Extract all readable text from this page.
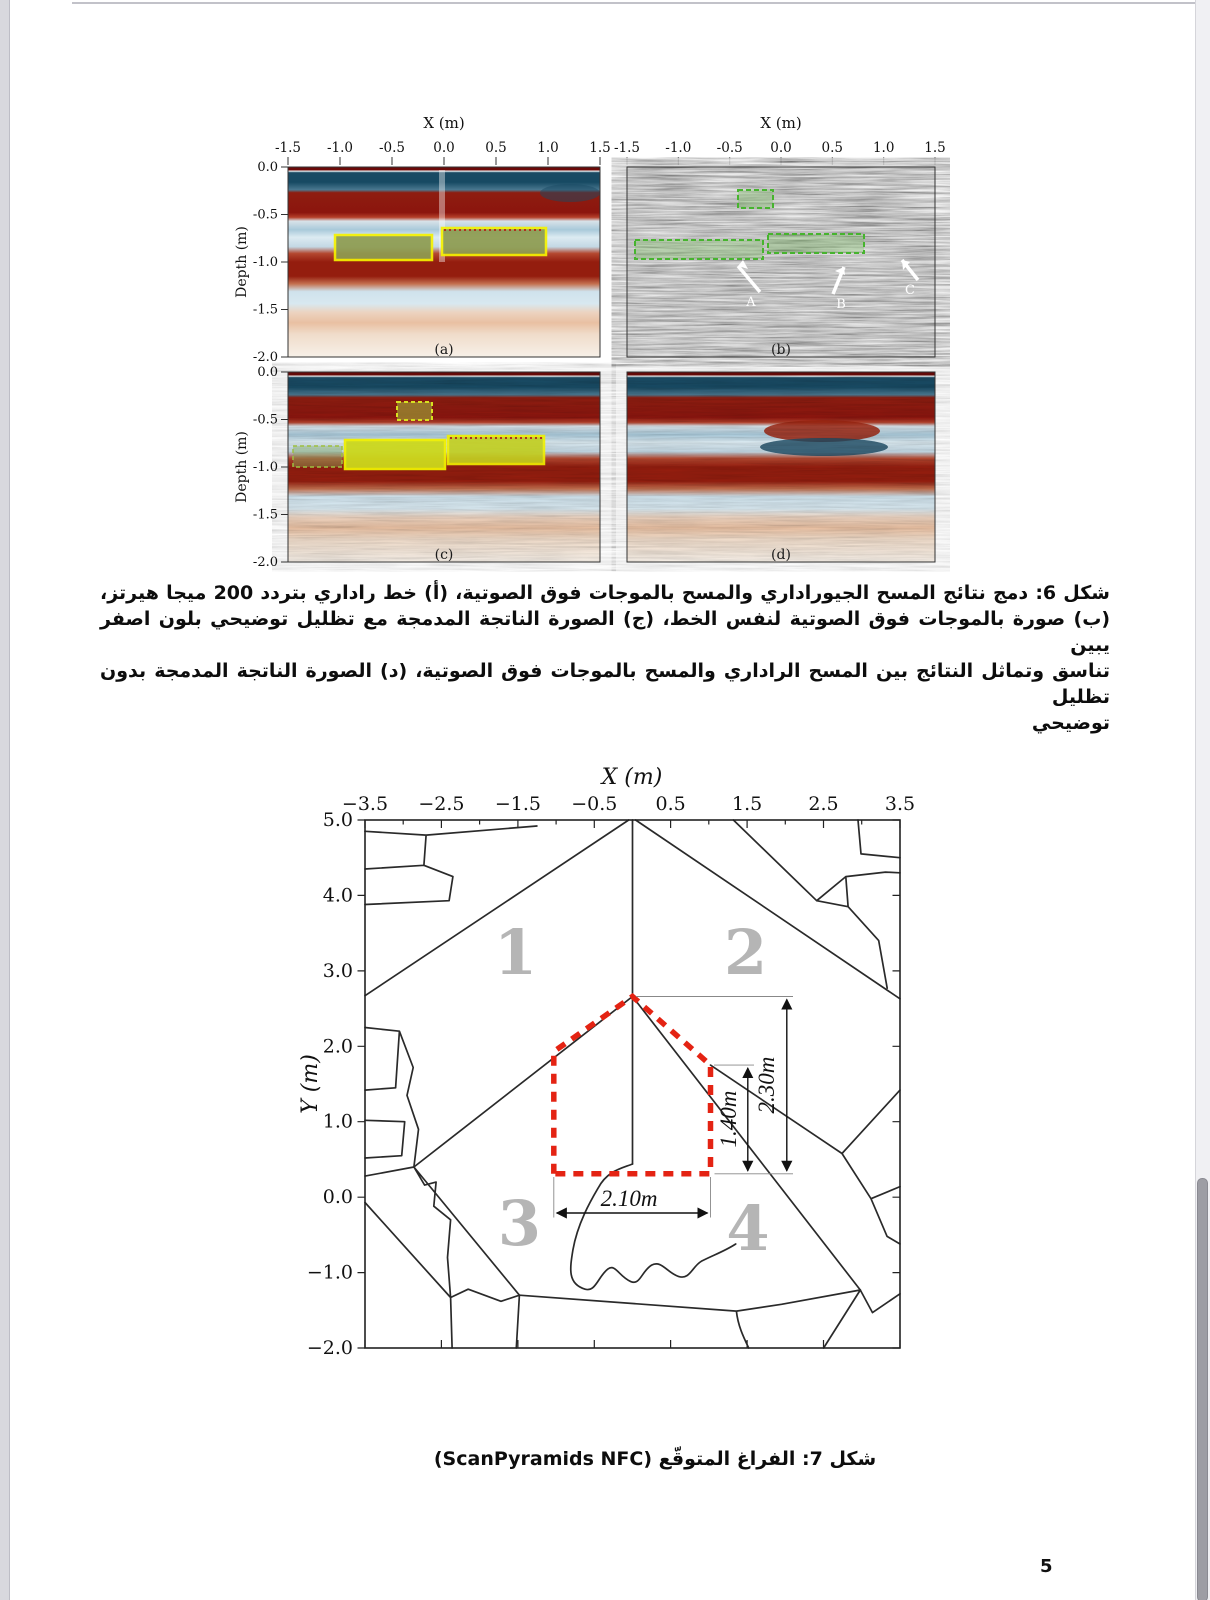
X (m)	X (m)
-1.5 -1.0 -0.5 0.0 0.5 1.0 1.5 -1.5 -1.0 -0.5 0.0 0.5 1.0 1.5
Depth (m)
Depth (m)
0.0
-0.5
-1.0
-1.5
-2.0
0.0
-0.5
-1.0
-1.5
-2.0
(a)
A	B
C
(b)
(c)	(d)
شكل 6: دمج نتائج المسح الجيوراداري والمسح بالموجات فوق الصوتية، (أ) خط راداري بتردد 200 ميجا هيرتز،
(ب) صورة بالموجات فوق الصوتية لنفس الخط، (ج) الصورة الناتجة المدمجة مع تظليل توضيحي بلون اصفر يبين
تناسق وتماثل النتائج بين المسح الراداري والمسح بالموجات فوق الصوتية، (د) الصورة الناتجة المدمجة بدون تظليل
توضيحي
X (m)
−3.5 −2.5 −1.5 −0.5 0.5 1.5 2.5 3.5
Y (m)
5.0
4.0
3.0
2.0
1.0
0.0
−1.0
−2.0
1	2
3	4
2.30m
1.40m
2.10m
شكل 7: الفراغ المتوقّع (ScanPyramids NFC)
5
